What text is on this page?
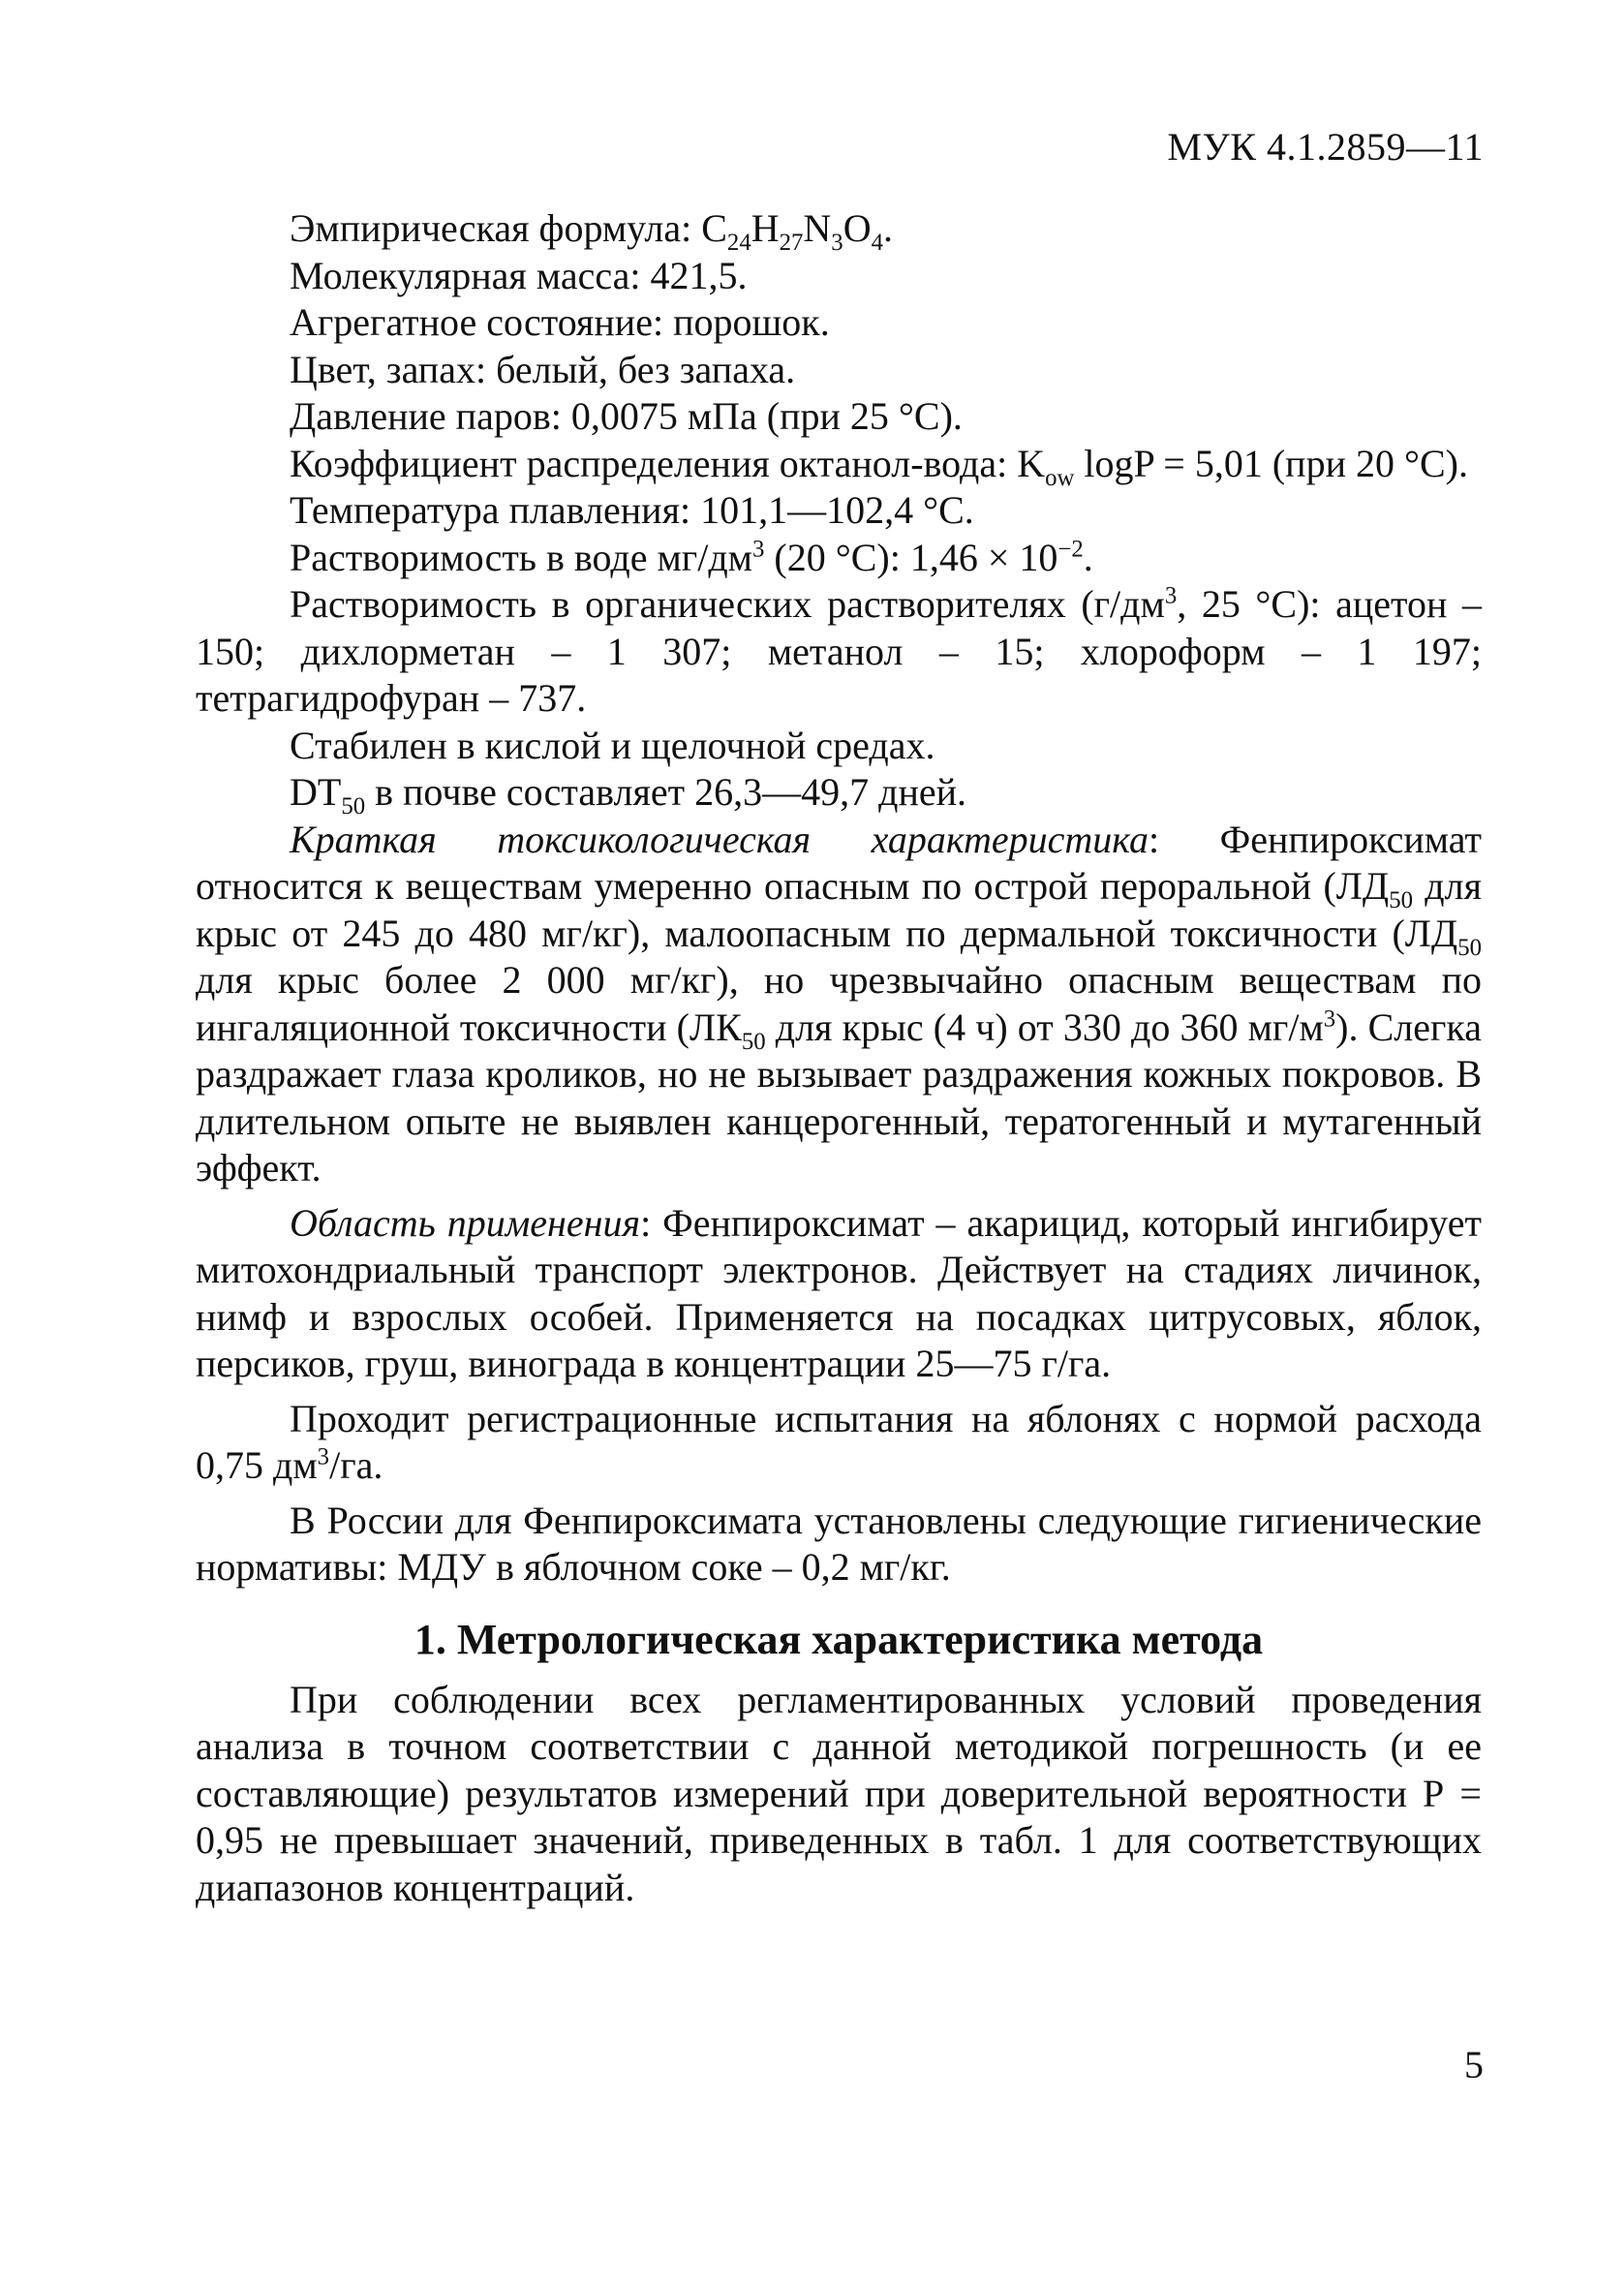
МУК 4.1.2859—11

Эмпирическая формула: $C_{24}H_{27}N_3O_4$.

Молекулярная масса: 421,5.

Агрегатное состояние: порошок.

Цвет, запах: белый, без запаха.

Давление паров: 0,0075 мПа (при 25 °С).

Коэффициент распределения октанол-вода: $K_{ow}$ logP = 5,01 (при 20 °С).

Температура плавления: 101,1—102,4 °С.

Растворимость в воде $мг/дм^3$ (20 °С): $1,46 \times 10^{-2}$.

Растворимость в органических растворителях ($г/дм^3$, 25 °С): ацетон – 150; дихлорметан – 1 307; метанол – 15; хлороформ – 1 197; тетрагидрофуран – 737.

Стабилен в кислой и щелочной средах.

$DT_{50}$ в почве составляет 26,3—49,7 дней.

Краткая токсикологическая характеристика: Фенпироксимат относится к веществам умеренно опасным по острой пероральной ($ЛД_{50}$ для крыс от 245 до 480 мг/кг), малоопасным по дермальной токсичности ($ЛД_{50}$ для крыс более 2 000 мг/кг), но чрезвычайно опасным веществам по ингаляционной токсичности ($ЛК_{50}$ для крыс (4 ч) от 330 до 360 $мг/м^3$). Слегка раздражает глаза кроликов, но не вызывает раздражения кожных покровов. В длительном опыте не выявлен канцерогенный, тератогенный и мутагенный эффект.

Область применения: Фенпироксимат – акарицид, который ингибирует митохондриальный транспорт электронов. Действует на стадиях личинок, нимф и взрослых особей. Применяется на посадках цитрусовых, яблок, персиков, груш, винограда в концентрации 25—75 г/га.

Проходит регистрационные испытания на яблонях с нормой расхода 0,75 $дм^3/га$.

В России для Фенпироксимата установлены следующие гигиенические нормативы: МДУ в яблочном соке – 0,2 мг/кг.

1. Метрологическая характеристика метода

При соблюдении всех регламентированных условий проведения анализа в точном соответствии с данной методикой погрешность (и ее составляющие) результатов измерений при доверительной вероятности Р = 0,95 не превышает значений, приведенных в табл. 1 для соответствующих диапазонов концентраций.

5
